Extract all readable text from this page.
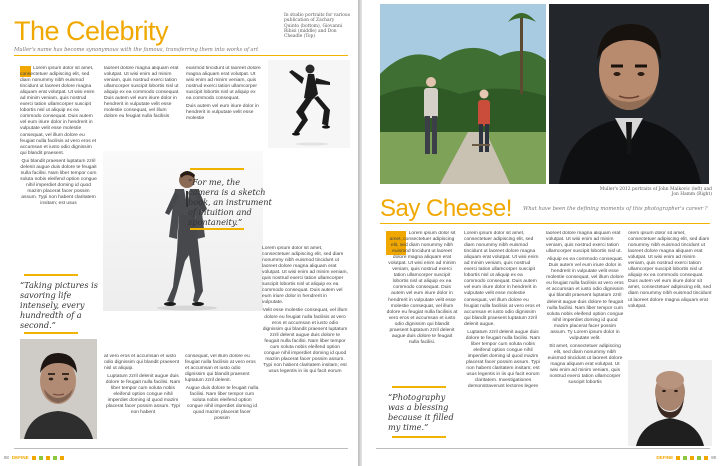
The Celebrity
Muller's name has become synonymous with the famous, transferring them into works of art
In studio portraits for various publication of Zachary Quinto (bottom), Giovanni Ribisi (middle) and Don Cheadle (Top)

Lorem ipsum dolor sit amet, consectetuer adipiscing elit, sed diam nonummy nibh euismod tincidunt ut laoreet dolore magna aliquam erat volutpat. Ut wisi enim ad minim veniam, quis nostrud exerci tation ullamcorper suscipit lobortis nisl ut aliquip ex ea commodo consequat. Duis autem vel eum iriure dolor in hendrerit in vulputate velit esse molestie consequat, vel illum dolore eu feugiat nulla facilisis at vero eros et accumsan et iusto odio dignissim qui blandit praesent.

Qui blandit praesent luptatum zzril delenit augue duis dolore te feugait nulla facilisi. Nam liber tempor cum soluta nobis eleifend option congue nihil imperdiet doming id quod mazim placerat facer possim assum. Typi non habent claritatem insitam; est usus

laoreet dolore magna aliquam erat volutpat. Ut wisi enim ad minim veniam, quis nostrud exerci tation ullamcorper suscipit lobortis nisl ut aliquip ex ea commodo consequat. Duis autem vel eum iriure dolor in hendrerit in vulputate velit esse molestie consequat, vel illum dolore eu feugiat nulla facilisis

euismod tincidunt ut laoreet dolore magna aliquam erat volutpat. Ut wisi enim ad minim veniam, quis nostrud exerci tation ullamcorper suscipit lobortis nisl ut aliquip ex ea commodo consequat.

Duis autem vel eum iriure dolor in hendrerit in vulputate velit esse molestie

“For me, the camera is a sketch book, an instrument of intuition and spontaneity.”

Lorem ipsum dolor sit amet, consectetuer adipiscing elit, sed diam nonummy nibh euismod tincidunt ut laoreet dolore magna aliquam erat volutpat. Ut wisi enim ad minim veniam, quis nostrud exerci tation ullamcorper suscipit lobortis nisl ut aliquip ex ea commodo consequat. Duis autem vel eum iriure dolor in hendrerit in vulputate.

Velit esse molestie consequat, vel illum dolore eu feugiat nulla facilisis at vero eros et accumsan et iusto odio dignissim qui blandit praesent luptatum zzril delenit augue duis dolore te feugait nulla facilisi. Nam liber tempor cum soluta nobis eleifend option congue nihil imperdiet doming id quod mazim placerat facer possim assum. Typi non habent claritatem insitam; est usus legentis in iis qui facit eorum

“Taking pictures is savoring life intensely, every hundredth of a second.”

at vero eros et accumsan et iusto odio dignissim qui blandit praesent nisl ut aliquip.

Luptatum zzril delenit augue duis dolore te feugait nulla facilisi. Nam liber tempor cum soluta nobis eleifend option congue nihil imperdiet doming id quod mazim placerat facer possim assum. Typi non habent

consequat, vel illum dolore eu feugiat nulla facilisis at vero eros et accumsan et iusto odio dignissim qui blandit praesent luptatum zzril delenit.

Augue duis dolore te feugait nulla facilisi. Nam liber tempor cum soluta nobis eleifend option congue nihil imperdiet doming id quod mazim placerat facer possim

88 DEFINE
Muller's 2012 portraits of John Malkovic (left) and Jon Hamm (Right)
Say Cheese! What have been the defining moments of this photographer's career ?

Lorem ipsum dolor sit amet, consectetuer adipiscing elit, sed diam nonummy nibh euismod tincidunt ut laoreet dolore magna aliquam erat volutpat. Ut wisi enim ad minim veniam, quis nostrud exerci tation ullamcorper suscipit lobortis nisl ut aliquip ex ea commodo consequat. Duis autem vel eum iriure dolor in hendrerit in vulputate velit esse molestie consequat, vel illum dolore eu feugiat nulla facilisis at vero eros et accumsan et iusto odio dignissim qui blandit praesent luptatum zzril delenit augue duis dolore te feugait nulla facilisi.

“Photography was a blessing because it filled my time.”

Lorem ipsum dolor sit amet, consectetuer adipiscing elit, sed diam nonummy nibh euismod tincidunt ut laoreet dolore magna aliquam erat volutpat. Ut wisi enim ad minim veniam, quis nostrud exerci tation ullamcorper suscipit lobortis nisl ut aliquip ex ea commodo consequat. Duis autem vel eum iriure dolor in hendrerit in vulputate velit esse molestie consequat, vel illum dolore eu feugiat nulla facilisis at vero eros et accumsan et iusto odio dignissim qui blandit praesent luptatum zzril delenit augue.

Luptatum zzril delenit augue duis dolore te feugait nulla facilisi. Nam liber tempor cum soluta nobis eleifend option congue nihil imperdiet doming id quod mazim placerat facer possim assum. Typi non habent claritatem insitam; est usus legentis in iis qui facit eorum claritatem. Investigationes demonstraverunt lectores legere

laoreet dolore magna aliquam erat volutpat. Ut wisi enim ad minim veniam, quis nostrud exerci tation ullamcorper suscipit lobortis nisl ut.

Aliquip ex ea commodo consequat. Duis autem vel eum iriure dolor in hendrerit in vulputate velit esse molestie consequat, vel illum dolore eu feugiat nulla facilisis at vero eros et accumsan et iusto odio dignissim qui blandit praesent luptatum zzril delenit augue duis dolore te feugait nulla facilisi. Nam liber tempor cum soluta nobis eleifend option congue nihil imperdiet doming id quod mazim placerat facer possim assum. Ty Lorem ipsum dolor in vulputate velit.

Sit amet, consectetuer adipiscing elit, sed diam nonummy nibh euismod tincidunt ut laoreet dolore magna aliquam erat volutpat. Ut wisi enim ad minim veniam, quis nostrud exerci tation ullamcorper suscipit lobortis

orem ipsum dolor sit amet, consectetuer adipiscing elit, sed diam nonummy nibh euismod tincidunt ut laoreet dolore magna aliquam erat volutpat. Ut wisi enim ad minim veniam, quis nostrud exerci tation ullamcorper suscipit lobortis nisl ut aliquip ex ea commodo consequat. Duis autem vel eum iriure dolor sit amet, consectetuer adipiscing elit, sed diam nonummy nibh euismod tincidunt ut laoreet dolore magna aliquam erat volutpat.

DEFINE	89
